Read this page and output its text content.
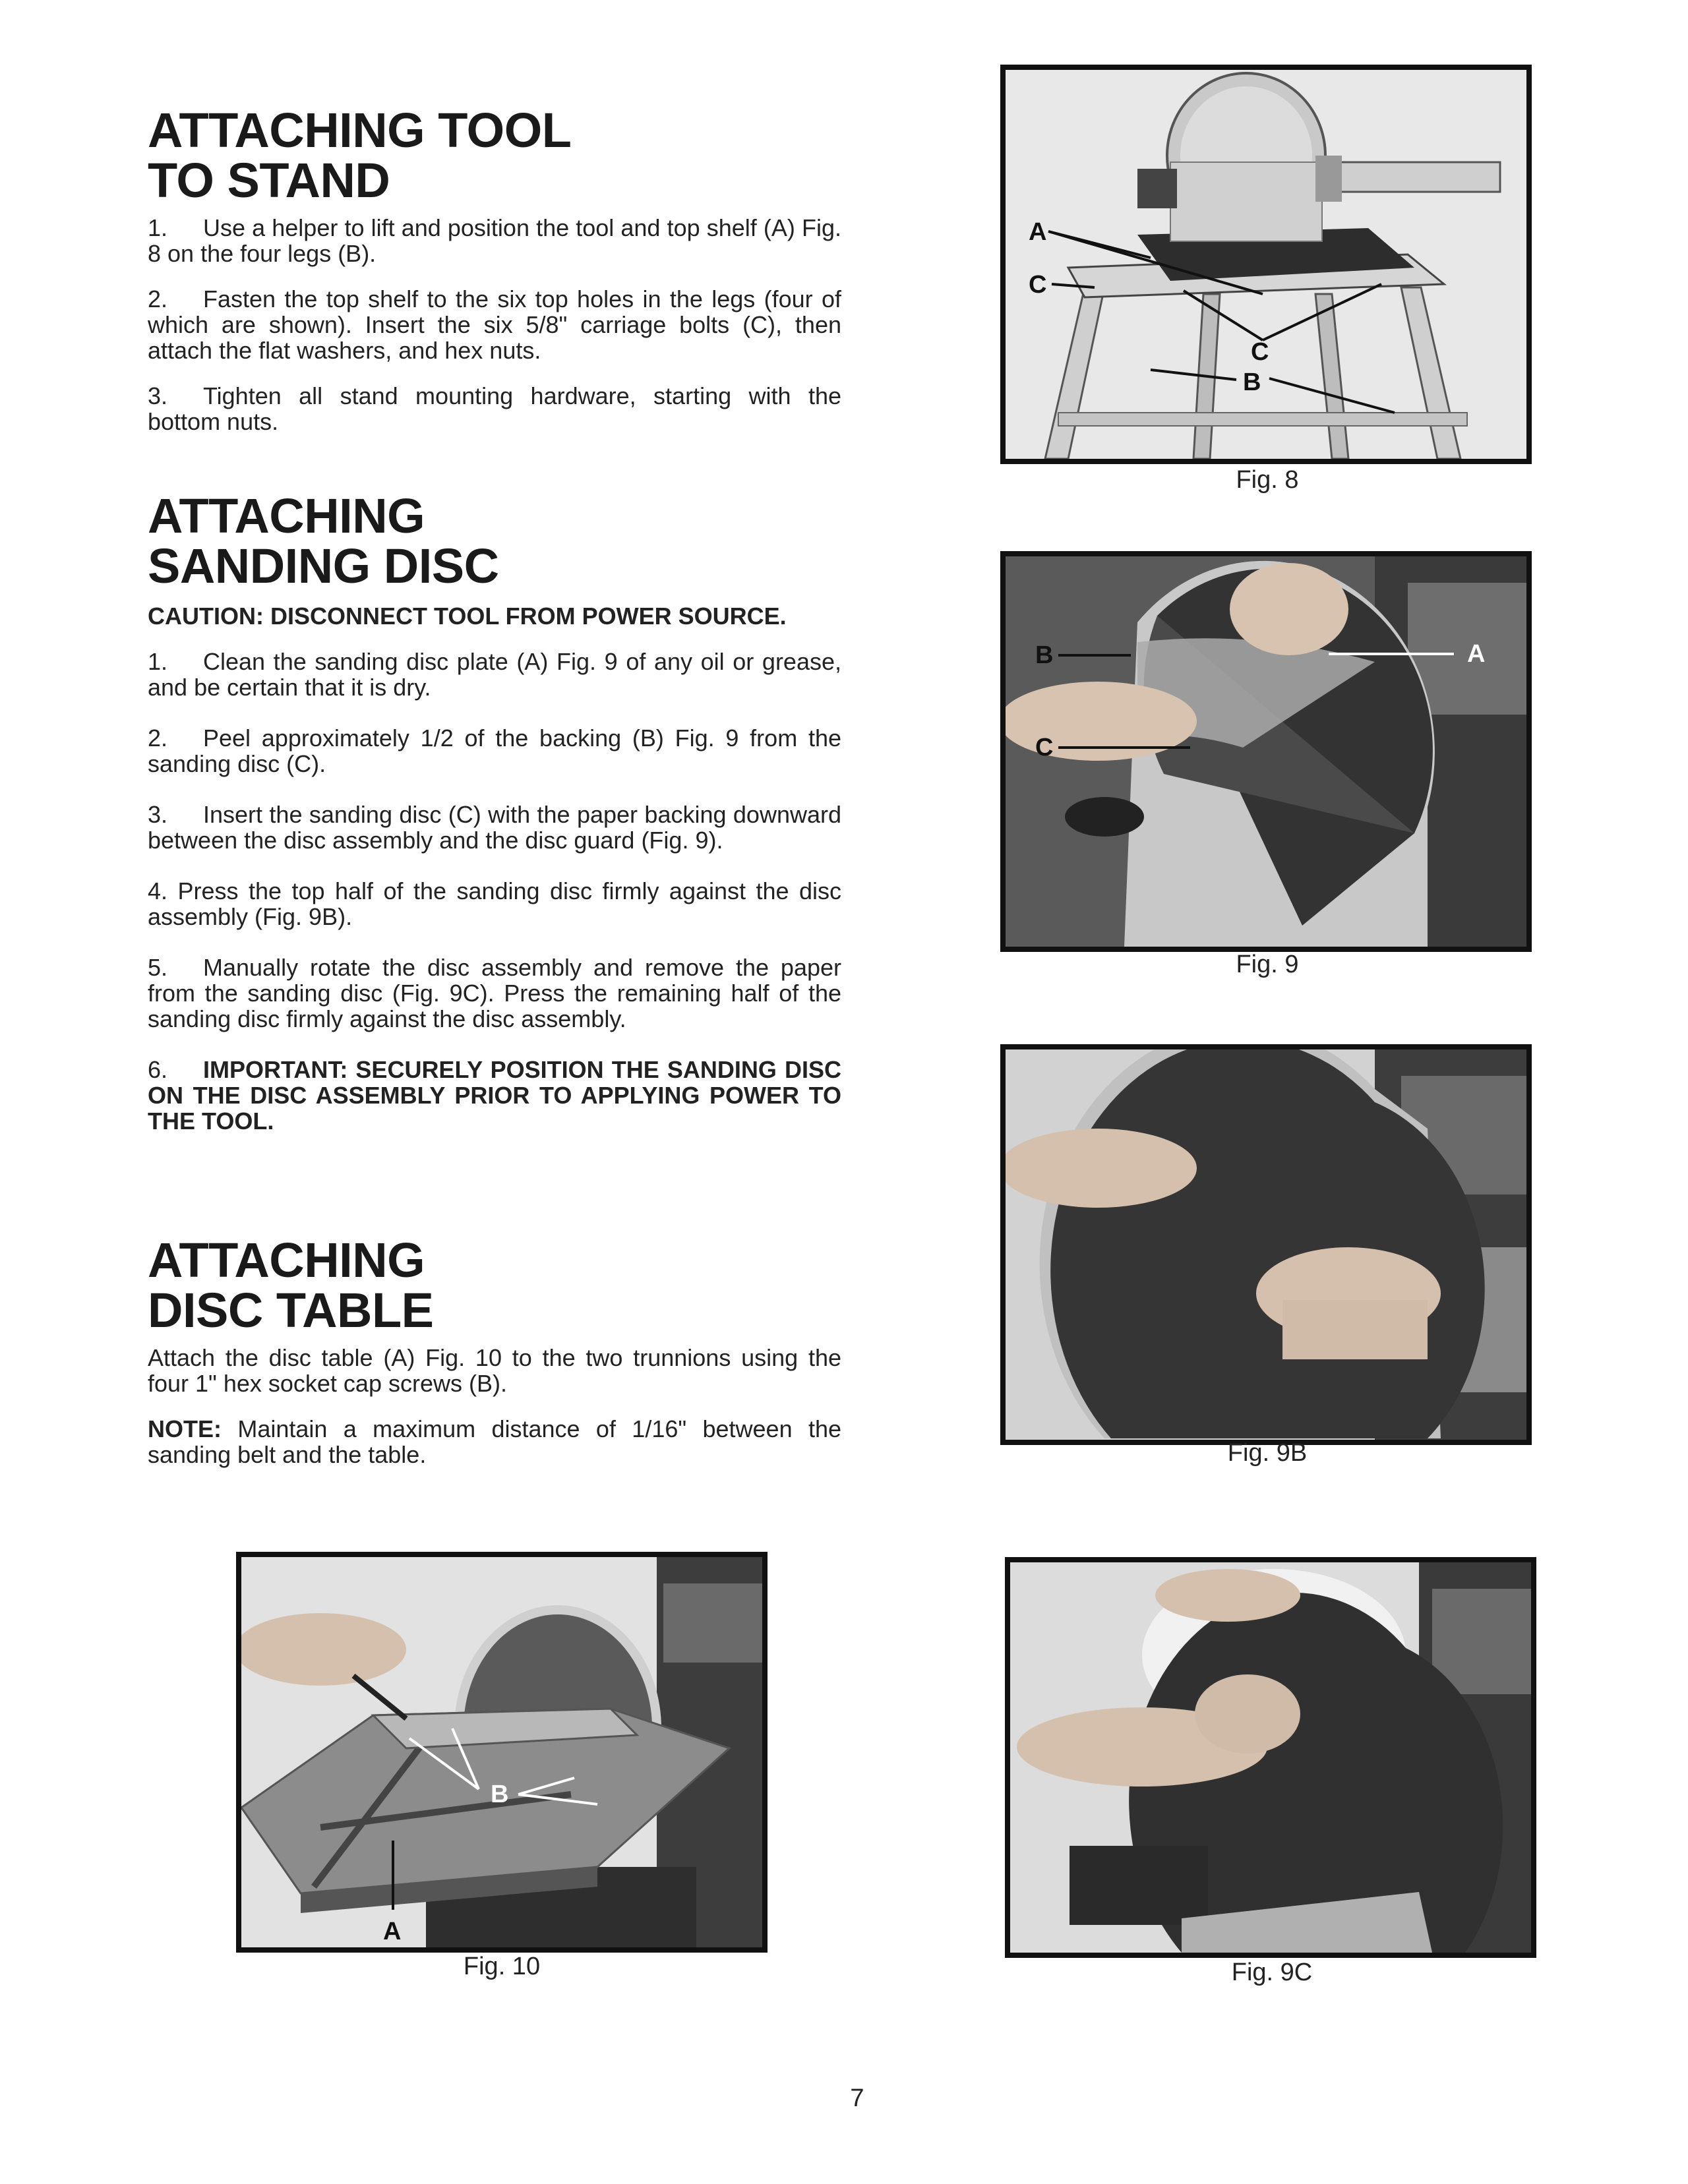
ATTACHING TOOL
TO STAND

1. Use a helper to lift and position the tool and top shelf (A) Fig. 8 on the four legs (B).

2. Fasten the top shelf to the six top holes in the legs (four of which are shown). Insert the six 5/8" carriage bolts (C), then attach the flat washers, and hex nuts.

3. Tighten all stand mounting hardware, starting with the bottom nuts.

ATTACHING
SANDING DISC

CAUTION: DISCONNECT TOOL FROM POWER SOURCE.

1. Clean the sanding disc plate (A) Fig. 9 of any oil or grease, and be certain that it is dry.

2. Peel approximately 1/2 of the backing (B) Fig. 9 from the sanding disc (C).

3. Insert the sanding disc (C) with the paper backing downward between the disc assembly and the disc guard (Fig. 9).

4. Press the top half of the sanding disc firmly against the disc assembly (Fig. 9B).

5. Manually rotate the disc assembly and remove the paper from the sanding disc (Fig. 9C). Press the remaining half of the sanding disc firmly against the disc assembly.

6. IMPORTANT: SECURELY POSITION THE SANDING DISC ON THE DISC ASSEMBLY PRIOR TO APPLYING POWER TO THE TOOL.

ATTACHING
DISC TABLE

Attach the disc table (A) Fig. 10 to the two trunnions using the four 1" hex socket cap screws (B).

NOTE: Maintain a maximum distance of 1/16" between the sanding belt and the table.

A
C
C
B
Fig. 8
B	A
C
Fig. 9
Fig. 9B
B
A
Fig. 10	Fig. 9C
7
